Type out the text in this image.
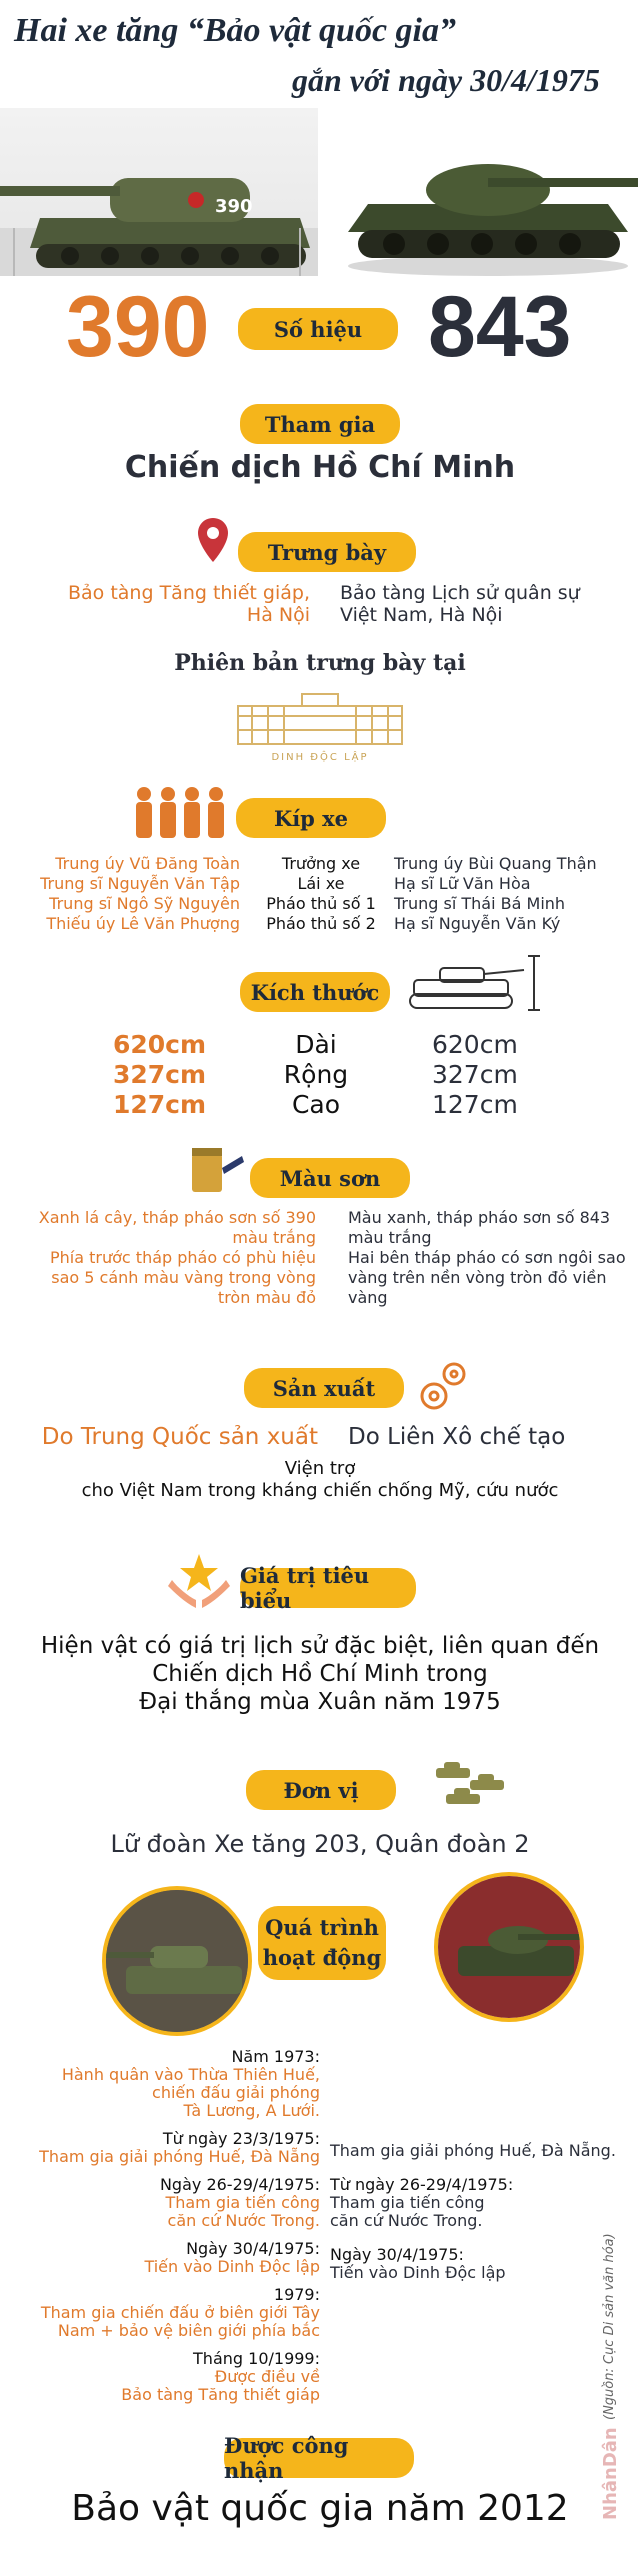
Hai xe tăng “Bảo vật quốc gia”
gắn với ngày 30/4/1975
390
390	Số hiệu 843
Tham gia
Chiến dịch Hồ Chí Minh
Trưng bày
Bảo tàng Tăng thiết giáp,
Hà Nội
Bảo tàng Lịch sử quân sự
Việt Nam, Hà Nội
Phiên bản trưng bày tại
DINH ĐỘC LẬP
Kíp xe
Trung úy Vũ Đăng Toàn
Trung sĩ Nguyễn Văn Tập
Trung sĩ Ngô Sỹ Nguyên
Thiếu úy Lê Văn Phượng
Trưởng xe
Lái xe
Pháo thủ số 1
Pháo thủ số 2
Trung úy Bùi Quang Thận
Hạ sĩ Lữ Văn Hòa
Trung sĩ Thái Bá Minh
Hạ sĩ Nguyễn Văn Ký
Kích thước
620cm
327cm
127cm
Dài
Rộng
Cao
620cm
327cm
127cm
Màu sơn
Xanh lá cây, tháp pháo sơn số 390
màu trắng
Phía trước tháp pháo có phù hiệu
sao 5 cánh màu vàng trong vòng
tròn màu đỏ
Màu xanh, tháp pháo sơn số 843
màu trắng
Hai bên tháp pháo có sơn ngôi sao
vàng trên nền vòng tròn đỏ viền
vàng
Sản xuất
Do Trung Quốc sản xuất Do Liên Xô chế tạo
Viện trợ
cho Việt Nam trong kháng chiến chống Mỹ, cứu nước
Giá trị tiêu biểu
Hiện vật có giá trị lịch sử đặc biệt, liên quan đến
Chiến dịch Hồ Chí Minh trong
Đại thắng mùa Xuân năm 1975
Đơn vị
Lữ đoàn Xe tăng 203, Quân đoàn 2
Quá trình
hoạt động
Năm 1973:
Hành quân vào Thừa Thiên Huế,
chiến đấu giải phóng
Tà Lương, A Lưới.
Từ ngày 23/3/1975:
Tham gia giải phóng Huế, Đà Nẵng
Ngày 26-29/4/1975:
Tham gia tiến công
căn cứ Nước Trong.
Ngày 30/4/1975:
Tiến vào Dinh Độc lập
1979:
Tham gia chiến đấu ở biên giới Tây
Nam + bảo vệ biên giới phía bắc
Tháng 10/1999:
Được điều về
Bảo tàng Tăng thiết giáp
Tham gia giải phóng Huế, Đà Nẵng.
Từ ngày 26-29/4/1975:
Tham gia tiến công
căn cứ Nước Trong.
Ngày 30/4/1975:
Tiến vào Dinh Độc lập
Được công nhận
Bảo vật quốc gia năm 2012
(Nguồn: Cục Di sản văn hóa)
NhânDân
